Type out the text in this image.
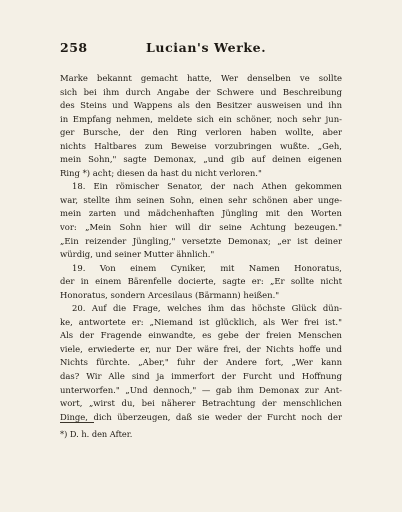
258	Lucian's Werke.
Marke bekannt gemacht hatte, Wer denselben ve sollte
sich bei ihm durch Angabe der Schwere und Beschreibung
des Steins und Wappens als den Besitzer ausweisen und ihn
in Empfang nehmen, meldete sich ein schöner, noch sehr jun-
ger Bursche, der den Ring verloren haben wollte, aber
nichts Haltbares zum Beweise vorzubringen wußte. „Geh,
mein Sohn," sagte Demonax, „und gib auf deinen eigenen
Ring *) acht; diesen da hast du nicht verloren."
18. Ein römischer Senator, der nach Athen gekommen
war, stellte ihm seinen Sohn, einen sehr schönen aber unge-
mein zarten und mädchenhaften Jüngling mit den Worten
vor: „Mein Sohn hier will dir seine Achtung bezeugen."
„Ein reizender Jüngling," versetzte Demonax; „er ist deiner
würdig, und seiner Mutter ähnlich."
19. Von einem Cyniker, mit Namen Honoratus,
der in einem Bärenfelle docierte, sagte er: „Er sollte nicht
Honoratus, sondern Arcesilaus (Bärmann) heißen."
20. Auf die Frage, welches ihm das höchste Glück dün-
ke, antwortete er: „Niemand ist glücklich, als Wer frei ist."
Als der Fragende einwandte, es gebe der freien Menschen
viele, erwiederte er, nur Der wäre frei, der Nichts hoffe und
Nichts fürchte. „Aber," fuhr der Andere fort, „Wer kann
das? Wir Alle sind ja immerfort der Furcht und Hoffnung
unterworfen." „Und dennoch," — gab ihm Demonax zur Ant-
wort, „wirst du, bei näherer Betrachtung der menschlichen
Dinge, dich überzeugen, daß sie weder der Furcht noch der
*) D. h. den After.
